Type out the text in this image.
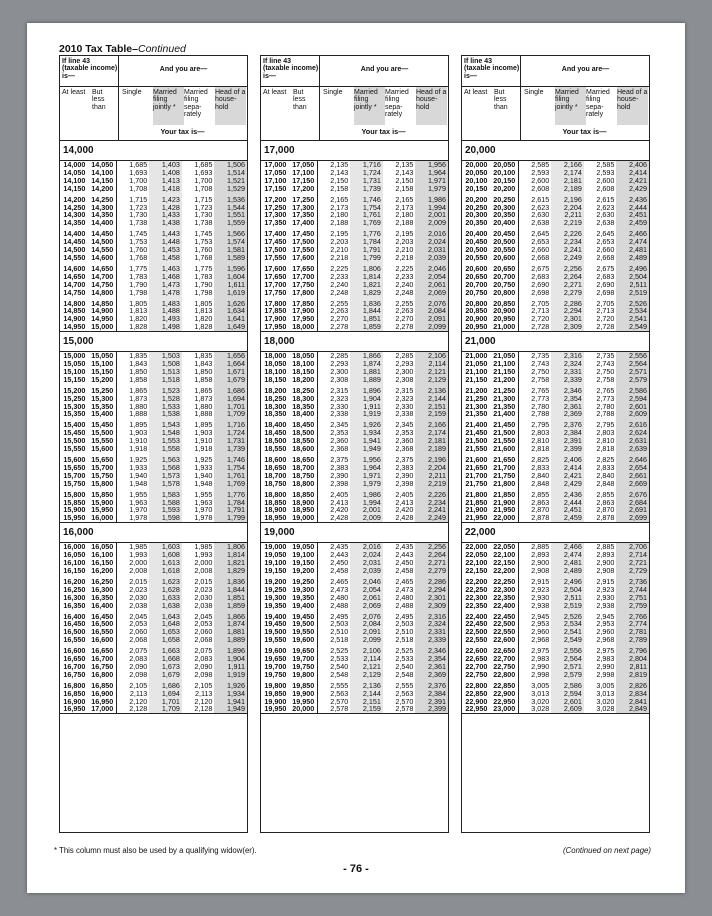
2010 Tax Table–Continued
If line 43 (taxable income) is—
And you are—
At least But less than
Single	Married filing jointly *
Married filing sepa-rately
Head of a house-hold
Your tax is—
14,000
14,000	14,050	1,685	1,403	1,685	1,506
14,050	14,100	1,693	1,408	1,693	1,514
14,100	14,150	1,700	1,413	1,700	1,521
14,150	14,200	1,708	1,418	1,708	1,529

14,200	14,250	1,715	1,423	1,715	1,536
14,250	14,300	1,723	1,428	1,723	1,544
14,300	14,350	1,730	1,433	1,730	1,551
14,350	14,400	1,738	1,438	1,738	1,559

14,400	14,450	1,745	1,443	1,745	1,566
14,450	14,500	1,753	1,448	1,753	1,574
14,500	14,550	1,760	1,453	1,760	1,581
14,550	14,600	1,768	1,458	1,768	1,589

14,600	14,650	1,775	1,463	1,775	1,596
14,650	14,700	1,783	1,468	1,783	1,604
14,700	14,750	1,790	1,473	1,790	1,611
14,750	14,800	1,798	1,478	1,798	1,619

14,800	14,850	1,805	1,483	1,805	1,626
14,850	14,900	1,813	1,488	1,813	1,634
14,900	14,950	1,820	1,493	1,820	1,641
14,950	15,000	1,828	1,498	1,828	1,649
15,000
15,000	15,050	1,835	1,503	1,835	1,656
15,050	15,100	1,843	1,508	1,843	1,664
15,100	15,150	1,850	1,513	1,850	1,671
15,150	15,200	1,858	1,518	1,858	1,679

15,200	15,250	1,865	1,523	1,865	1,686
15,250	15,300	1,873	1,528	1,873	1,694
15,300	15,350	1,880	1,533	1,880	1,701
15,350	15,400	1,888	1,538	1,888	1,709

15,400	15,450	1,895	1,543	1,895	1,716
15,450	15,500	1,903	1,548	1,903	1,724
15,500	15,550	1,910	1,553	1,910	1,731
15,550	15,600	1,918	1,558	1,918	1,739

15,600	15,650	1,925	1,563	1,925	1,746
15,650	15,700	1,933	1,568	1,933	1,754
15,700	15,750	1,940	1,573	1,940	1,761
15,750	15,800	1,948	1,578	1,948	1,769

15,800	15,850	1,955	1,583	1,955	1,776
15,850	15,900	1,963	1,588	1,963	1,784
15,900	15,950	1,970	1,593	1,970	1,791
15,950	16,000	1,978	1,598	1,978	1,799
16,000
16,000	16,050	1,985	1,603	1,985	1,806
16,050	16,100	1,993	1,608	1,993	1,814
16,100	16,150	2,000	1,613	2,000	1,821
16,150	16,200	2,008	1,618	2,008	1,829

16,200	16,250	2,015	1,623	2,015	1,836
16,250	16,300	2,023	1,628	2,023	1,844
16,300	16,350	2,030	1,633	2,030	1,851
16,350	16,400	2,038	1,638	2,038	1,859

16,400	16,450	2,045	1,643	2,045	1,866
16,450	16,500	2,053	1,648	2,053	1,874
16,500	16,550	2,060	1,653	2,060	1,881
16,550	16,600	2,068	1,658	2,068	1,889

16,600	16,650	2,075	1,663	2,075	1,896
16,650	16,700	2,083	1,668	2,083	1,904
16,700	16,750	2,090	1,673	2,090	1,911
16,750	16,800	2,098	1,679	2,098	1,919

16,800	16,850	2,105	1,686	2,105	1,926
16,850	16,900	2,113	1,694	2,113	1,934
16,900	16,950	2,120	1,701	2,120	1,941
16,950	17,000	2,128	1,709	2,128	1,949
If line 43 (taxable income) is—
And you are—
At least But less than
Single	Married filing jointly *
Married filing sepa-rately
Head of a house-hold
Your tax is—
17,000
17,000	17,050	2,135	1,716	2,135	1,956
17,050	17,100	2,143	1,724	2,143	1,964
17,100	17,150	2,150	1,731	2,150	1,971
17,150	17,200	2,158	1,739	2,158	1,979

17,200	17,250	2,165	1,746	2,165	1,986
17,250	17,300	2,173	1,754	2,173	1,994
17,300	17,350	2,180	1,761	2,180	2,001
17,350	17,400	2,188	1,769	2,188	2,009

17,400	17,450	2,195	1,776	2,195	2,016
17,450	17,500	2,203	1,784	2,203	2,024
17,500	17,550	2,210	1,791	2,210	2,031
17,550	17,600	2,218	1,799	2,218	2,039

17,600	17,650	2,225	1,806	2,225	2,046
17,650	17,700	2,233	1,814	2,233	2,054
17,700	17,750	2,240	1,821	2,240	2,061
17,750	17,800	2,248	1,829	2,248	2,069

17,800	17,850	2,255	1,836	2,255	2,076
17,850	17,900	2,263	1,844	2,263	2,084
17,900	17,950	2,270	1,851	2,270	2,091
17,950	18,000	2,278	1,859	2,278	2,099
18,000
18,000	18,050	2,285	1,866	2,285	2,106
18,050	18,100	2,293	1,874	2,293	2,114
18,100	18,150	2,300	1,881	2,300	2,121
18,150	18,200	2,308	1,889	2,308	2,129

18,200	18,250	2,315	1,896	2,315	2,136
18,250	18,300	2,323	1,904	2,323	2,144
18,300	18,350	2,330	1,911	2,330	2,151
18,350	18,400	2,338	1,919	2,338	2,159

18,400	18,450	2,345	1,926	2,345	2,166
18,450	18,500	2,353	1,934	2,353	2,174
18,500	18,550	2,360	1,941	2,360	2,181
18,550	18,600	2,368	1,949	2,368	2,189

18,600	18,650	2,375	1,956	2,375	2,196
18,650	18,700	2,383	1,964	2,383	2,204
18,700	18,750	2,390	1,971	2,390	2,211
18,750	18,800	2,398	1,979	2,398	2,219

18,800	18,850	2,405	1,986	2,405	2,226
18,850	18,900	2,413	1,994	2,413	2,234
18,900	18,950	2,420	2,001	2,420	2,241
18,950	19,000	2,428	2,009	2,428	2,249
19,000
19,000	19,050	2,435	2,016	2,435	2,256
19,050	19,100	2,443	2,024	2,443	2,264
19,100	19,150	2,450	2,031	2,450	2,271
19,150	19,200	2,458	2,039	2,458	2,279

19,200	19,250	2,465	2,046	2,465	2,286
19,250	19,300	2,473	2,054	2,473	2,294
19,300	19,350	2,480	2,061	2,480	2,301
19,350	19,400	2,488	2,069	2,488	2,309

19,400	19,450	2,495	2,076	2,495	2,316
19,450	19,500	2,503	2,084	2,503	2,324
19,500	19,550	2,510	2,091	2,510	2,331
19,550	19,600	2,518	2,099	2,518	2,339

19,600	19,650	2,525	2,106	2,525	2,346
19,650	19,700	2,533	2,114	2,533	2,354
19,700	19,750	2,540	2,121	2,540	2,361
19,750	19,800	2,548	2,129	2,548	2,369

19,800	19,850	2,555	2,136	2,555	2,376
19,850	19,900	2,563	2,144	2,563	2,384
19,900	19,950	2,570	2,151	2,570	2,391
19,950	20,000	2,578	2,159	2,578	2,399
If line 43 (taxable income) is—
And you are—
At least But less than
Single	Married filing jointly *
Married filing sepa-rately
Head of a house-hold
Your tax is—
20,000
20,000	20,050	2,585	2,166	2,585	2,406
20,050	20,100	2,593	2,174	2,593	2,414
20,100	20,150	2,600	2,181	2,600	2,421
20,150	20,200	2,608	2,189	2,608	2,429

20,200	20,250	2,615	2,196	2,615	2,436
20,250	20,300	2,623	2,204	2,623	2,444
20,300	20,350	2,630	2,211	2,630	2,451
20,350	20,400	2,638	2,219	2,638	2,459

20,400	20,450	2,645	2,226	2,645	2,466
20,450	20,500	2,653	2,234	2,653	2,474
20,500	20,550	2,660	2,241	2,660	2,481
20,550	20,600	2,668	2,249	2,668	2,489

20,600	20,650	2,675	2,256	2,675	2,496
20,650	20,700	2,683	2,264	2,683	2,504
20,700	20,750	2,690	2,271	2,690	2,511
20,750	20,800	2,698	2,279	2,698	2,519

20,800	20,850	2,705	2,286	2,705	2,526
20,850	20,900	2,713	2,294	2,713	2,534
20,900	20,950	2,720	2,301	2,720	2,541
20,950	21,000	2,728	2,309	2,728	2,549
21,000
21,000	21,050	2,735	2,316	2,735	2,556
21,050	21,100	2,743	2,324	2,743	2,564
21,100	21,150	2,750	2,331	2,750	2,571
21,150	21,200	2,758	2,339	2,758	2,579

21,200	21,250	2,765	2,346	2,765	2,586
21,250	21,300	2,773	2,354	2,773	2,594
21,300	21,350	2,780	2,361	2,780	2,601
21,350	21,400	2,788	2,369	2,788	2,609

21,400	21,450	2,795	2,376	2,795	2,616
21,450	21,500	2,803	2,384	2,803	2,624
21,500	21,550	2,810	2,391	2,810	2,631
21,550	21,600	2,818	2,399	2,818	2,639

21,600	21,650	2,825	2,406	2,825	2,646
21,650	21,700	2,833	2,414	2,833	2,654
21,700	21,750	2,840	2,421	2,840	2,661
21,750	21,800	2,848	2,429	2,848	2,669

21,800	21,850	2,855	2,436	2,855	2,676
21,850	21,900	2,863	2,444	2,863	2,684
21,900	21,950	2,870	2,451	2,870	2,691
21,950	22,000	2,878	2,459	2,878	2,699
22,000
22,000	22,050	2,885	2,466	2,885	2,706
22,050	22,100	2,893	2,474	2,893	2,714
22,100	22,150	2,900	2,481	2,900	2,721
22,150	22,200	2,908	2,489	2,908	2,729

22,200	22,250	2,915	2,496	2,915	2,736
22,250	22,300	2,923	2,504	2,923	2,744
22,300	22,350	2,930	2,511	2,930	2,751
22,350	22,400	2,938	2,519	2,938	2,759

22,400	22,450	2,945	2,526	2,945	2,766
22,450	22,500	2,953	2,534	2,953	2,774
22,500	22,550	2,960	2,541	2,960	2,781
22,550	22,600	2,968	2,549	2,968	2,789

22,600	22,650	2,975	2,556	2,975	2,796
22,650	22,700	2,983	2,564	2,983	2,804
22,700	22,750	2,990	2,571	2,990	2,811
22,750	22,800	2,998	2,579	2,998	2,819

22,800	22,850	3,005	2,586	3,005	2,826
22,850	22,900	3,013	2,594	3,013	2,834
22,900	22,950	3,020	2,601	3,020	2,841
22,950	23,000	3,028	2,609	3,028	2,849
* This column must also be used by a qualifying widow(er).	(Continued on next page)
- 76 -
